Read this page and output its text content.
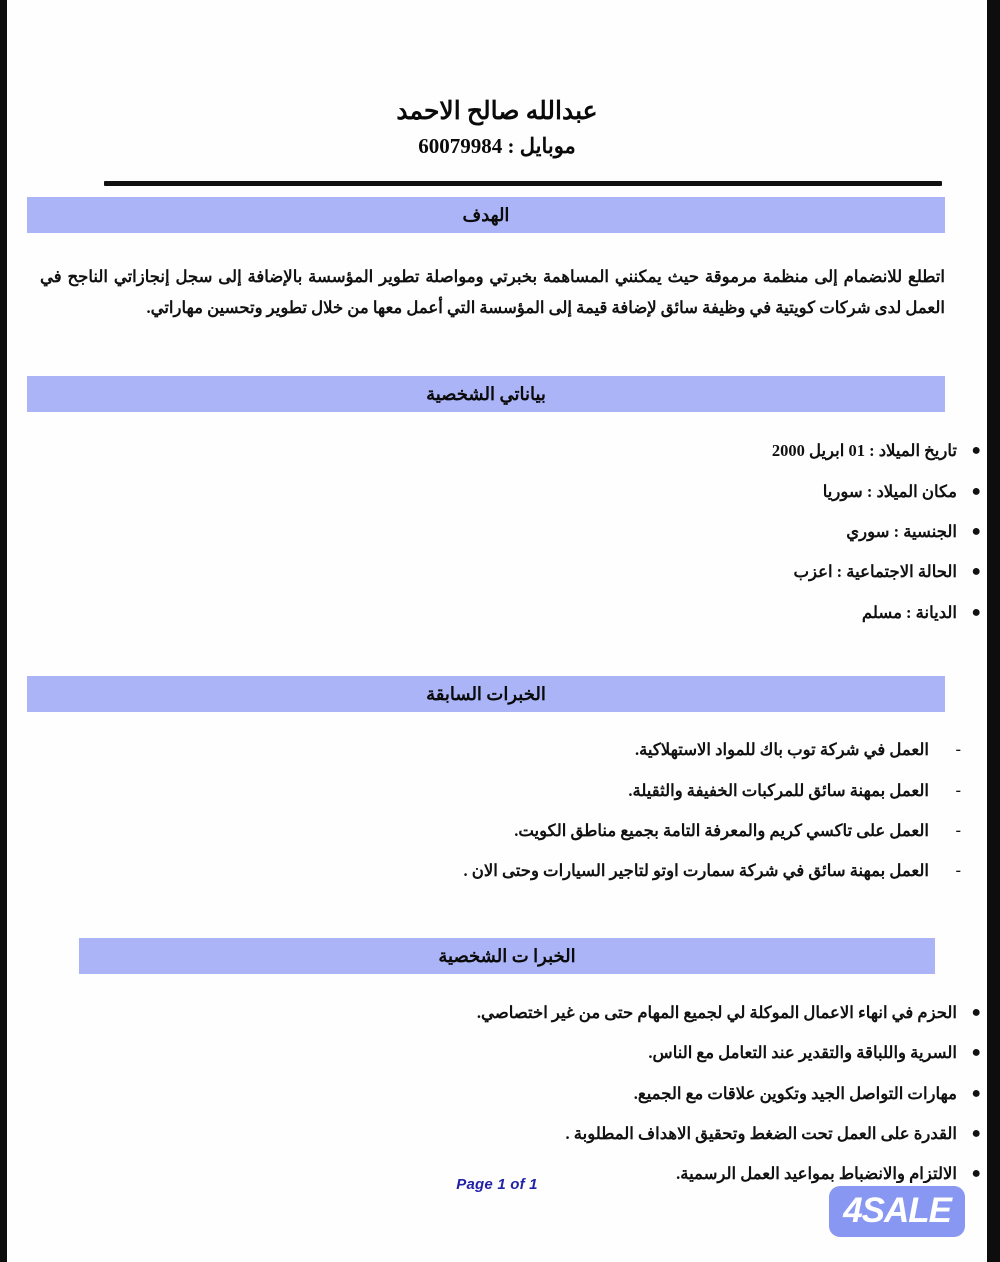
عبدالله صالح الاحمد
موبايل : 60079984
الهدف

اتطلع للانضمام إلى منظمة مرموقة حيث يمكنني المساهمة بخبرتي ومواصلة تطوير المؤسسة بالإضافة إلى سجل إنجازاتي الناجح في العمل لدى شركات كويتية في وظيفة سائق لإضافة قيمة إلى المؤسسة التي أعمل معها من خلال تطوير وتحسين مهاراتي.

بياناتي الشخصية
●
تاريخ الميلاد : 01 ابريل 2000
●
مكان الميلاد : سوريا
●
الجنسية : سوري
●
الحالة الاجتماعية : اعزب
●
الديانة : مسلم
الخبرات السابقة
-
العمل في شركة توب باك للمواد الاستهلاكية.
-
العمل بمهنة سائق للمركبات الخفيفة والثقيلة.
-
العمل على تاكسي كريم والمعرفة التامة بجميع مناطق الكويت.
-
العمل بمهنة سائق في شركة سمارت اوتو لتاجير السيارات وحتى الان .
الخبرا ت الشخصية
●
الحزم في انهاء الاعمال الموكلة لي لجميع المهام حتى من غير اختصاصي.
●
السرية واللباقة والتقدير عند التعامل مع الناس.
●
مهارات التواصل الجيد وتكوين علاقات مع الجميع.
●
القدرة على العمل تحت الضغط وتحقيق الاهداف المطلوبة .
●
الالتزام والانضباط بمواعيد العمل الرسمية.
Page 1 of 1
4SALE
